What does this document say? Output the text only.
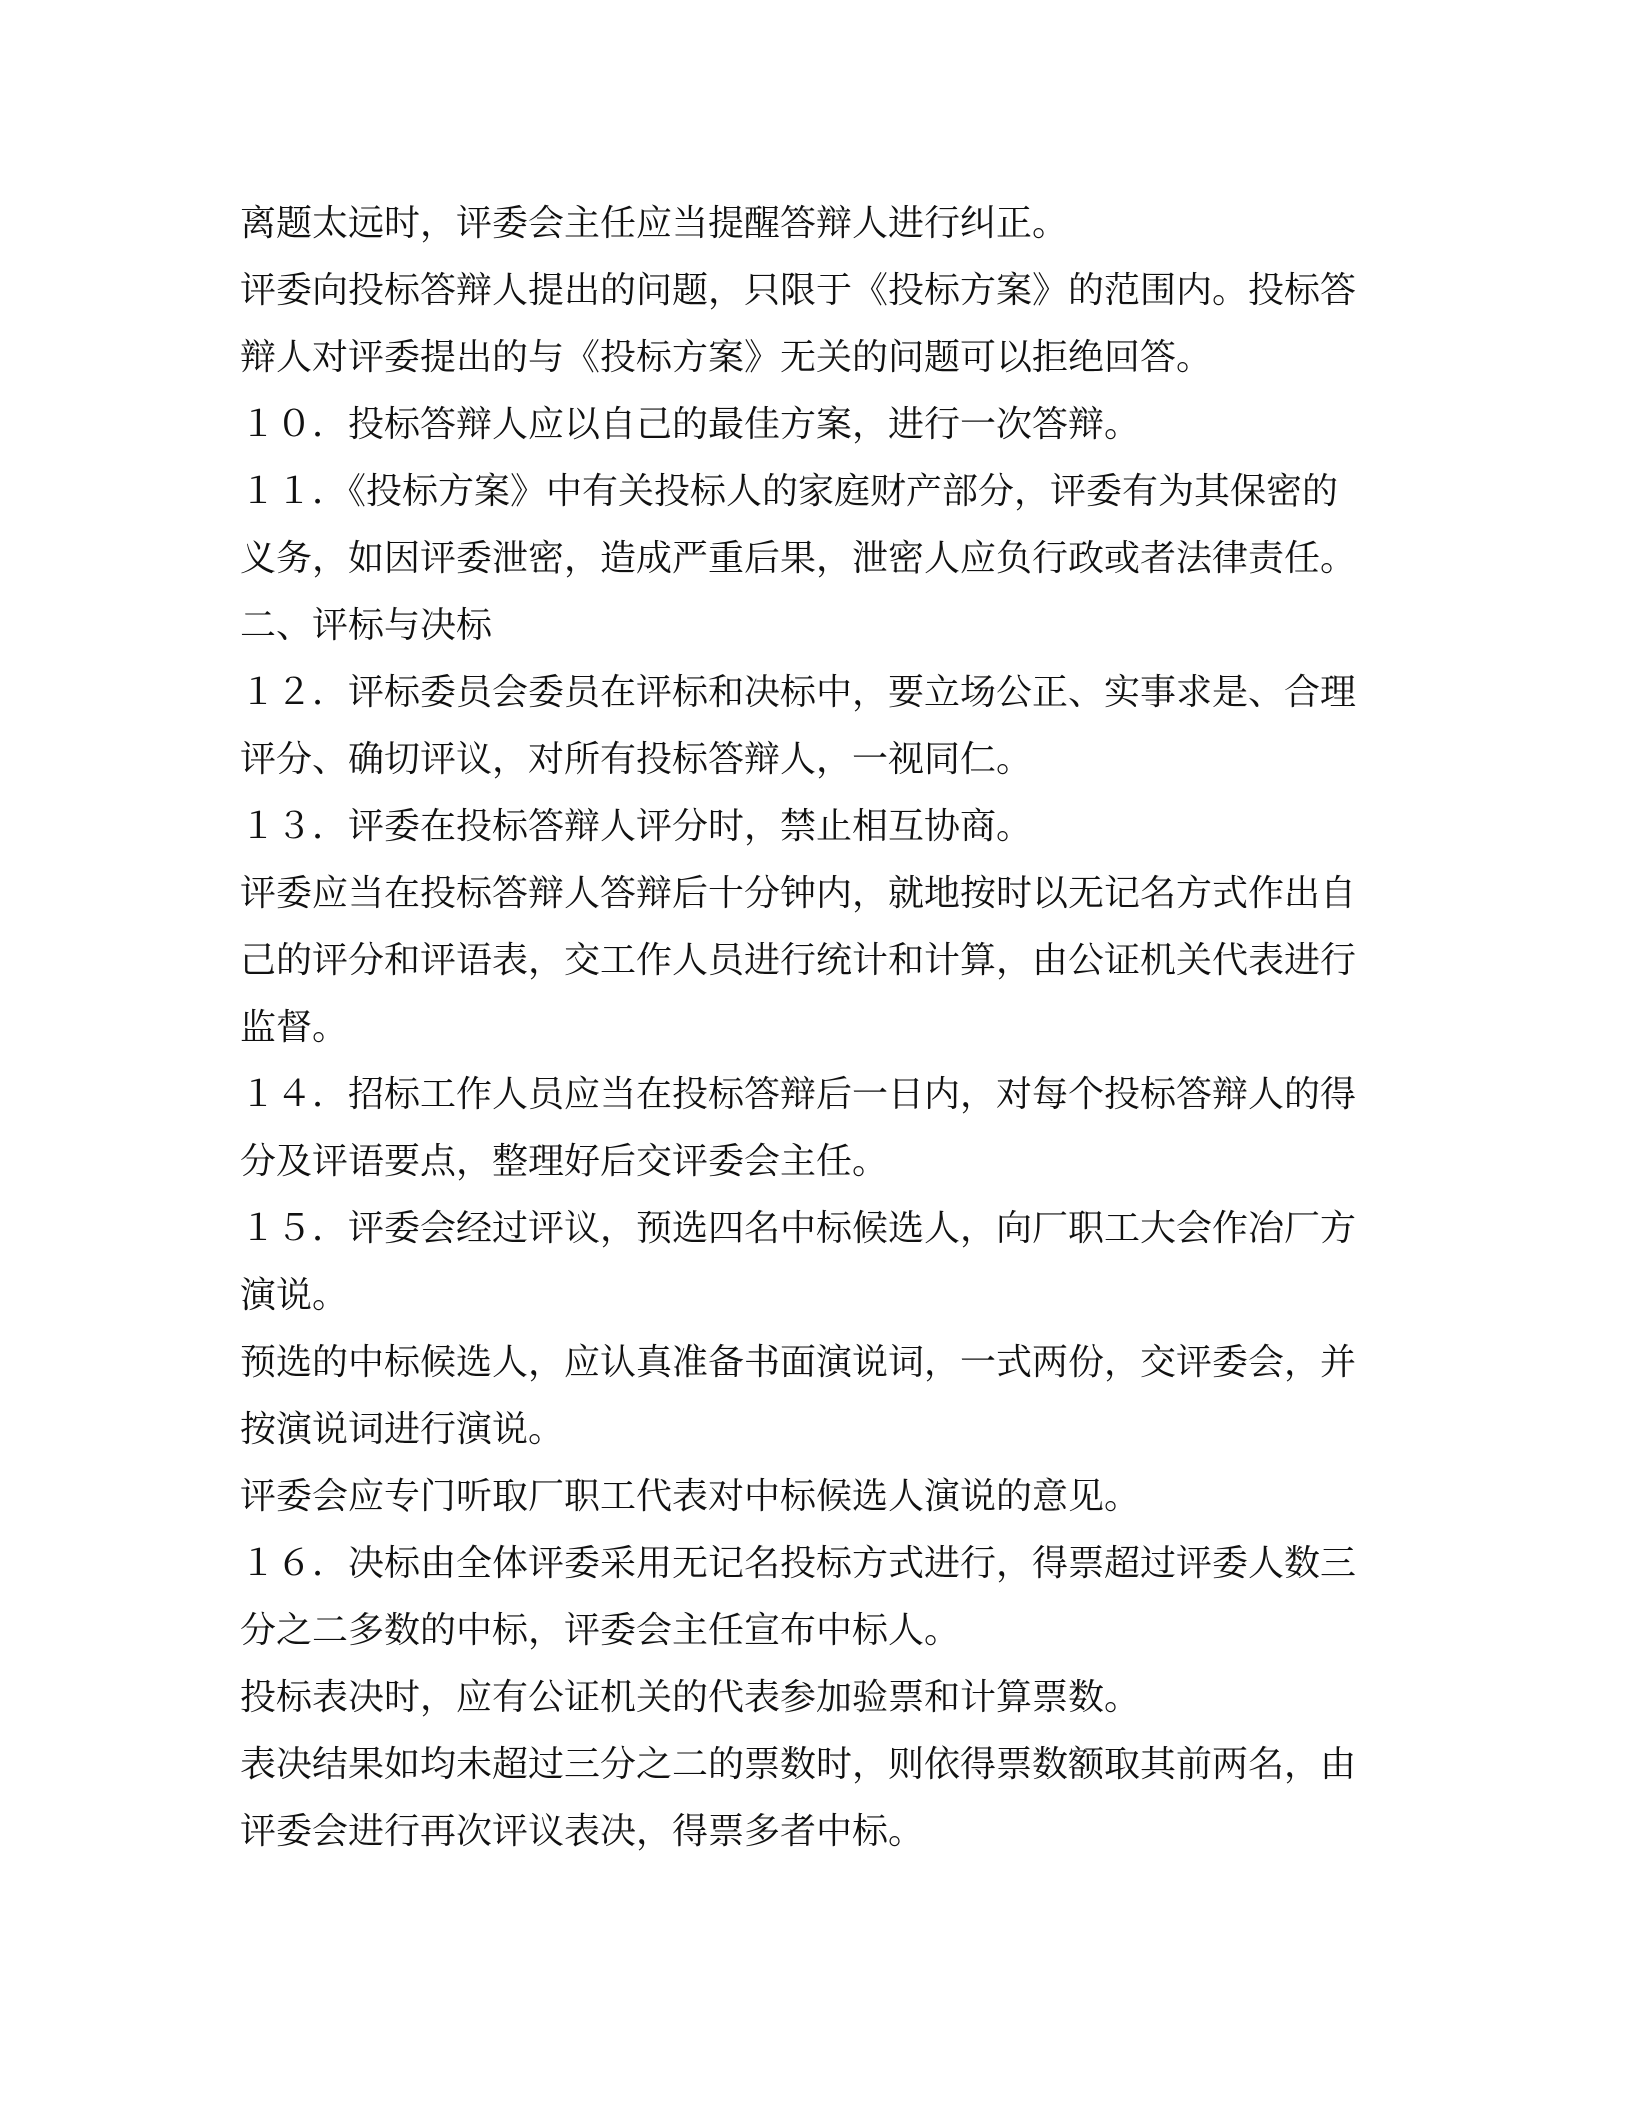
离题太远时，评委会主任应当提醒答辩人进行纠正。
评委向投标答辩人提出的问题，只限于《投标方案》的范围内。投标答
辩人对评委提出的与《投标方案》无关的问题可以拒绝回答。
１０．投标答辩人应以自己的最佳方案，进行一次答辩。
１１．《投标方案》中有关投标人的家庭财产部分，评委有为其保密的
义务，如因评委泄密，造成严重后果，泄密人应负行政或者法律责任。
二、评标与决标
１２．评标委员会委员在评标和决标中，要立场公正、实事求是、合理
评分、确切评议，对所有投标答辩人，一视同仁。
１３．评委在投标答辩人评分时，禁止相互协商。
评委应当在投标答辩人答辩后十分钟内，就地按时以无记名方式作出自
己的评分和评语表，交工作人员进行统计和计算，由公证机关代表进行
监督。
１４．招标工作人员应当在投标答辩后一日内，对每个投标答辩人的得
分及评语要点，整理好后交评委会主任。
１５．评委会经过评议，预选四名中标候选人，向厂职工大会作冶厂方
演说。
预选的中标候选人，应认真准备书面演说词，一式两份，交评委会，并
按演说词进行演说。
评委会应专门听取厂职工代表对中标候选人演说的意见。
１６．决标由全体评委采用无记名投标方式进行，得票超过评委人数三
分之二多数的中标，评委会主任宣布中标人。
投标表决时，应有公证机关的代表参加验票和计算票数。
表决结果如均未超过三分之二的票数时，则依得票数额取其前两名，由
评委会进行再次评议表决，得票多者中标。
